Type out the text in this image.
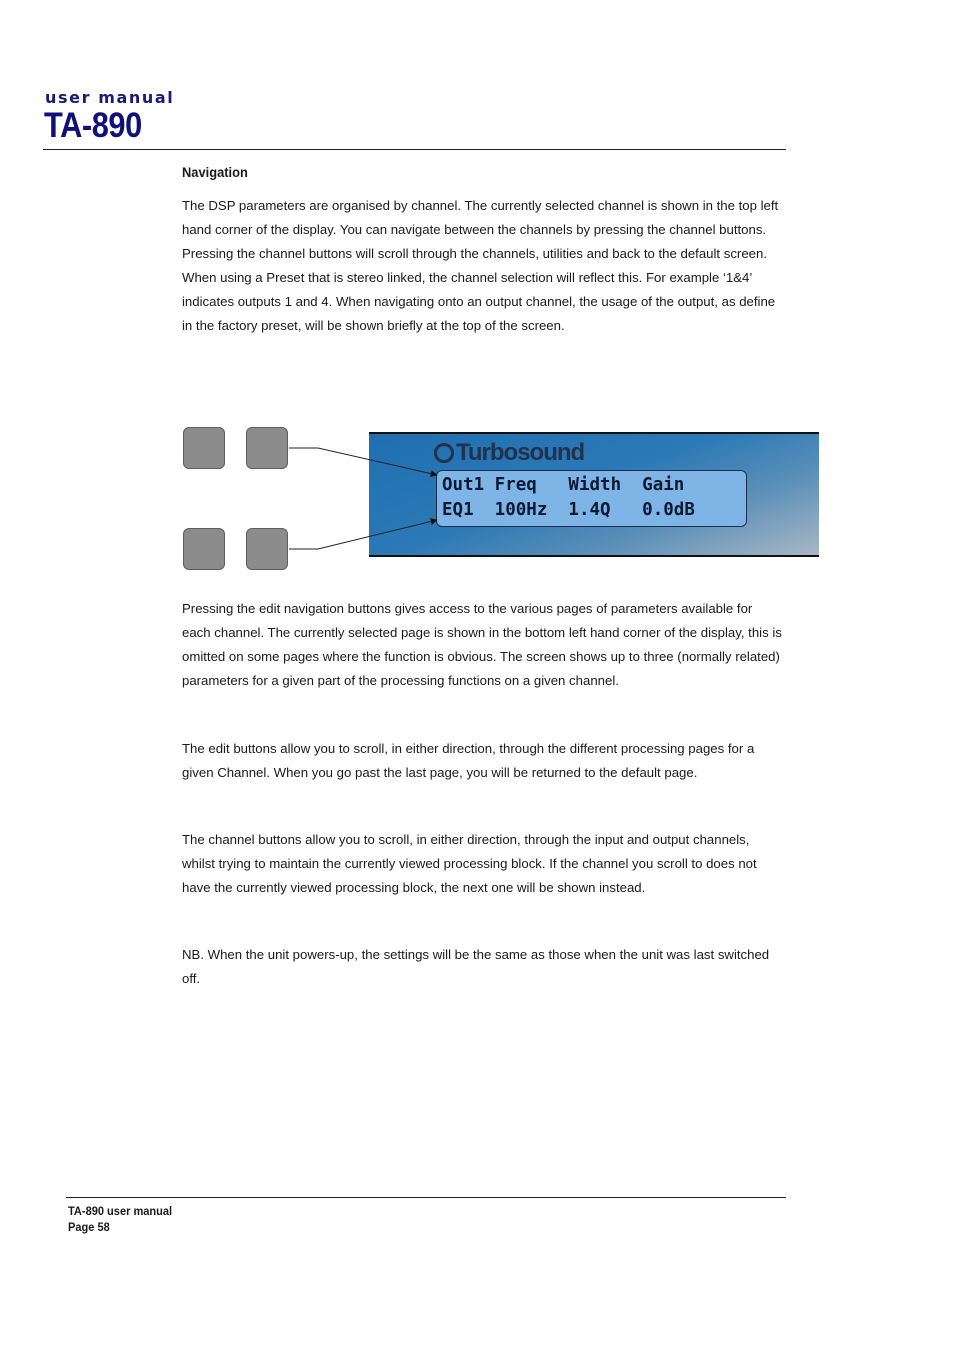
user manual
TA-890
Navigation

The DSP parameters are organised by channel. The currently selected channel is shown in the top left hand corner of the display. You can navigate between the channels by pressing the channel buttons. Pressing the channel buttons will scroll through the channels, utilities and back to the default screen. When using a Preset that is stereo linked, the channel selection will reflect this. For example ‘1&4’ indicates outputs 1 and 4. When navigating onto an output channel, the usage of the output, as define in the factory preset, will be shown briefly at the top of the screen.

Turbosound
Out1 Freq   Width  Gain
EQ1  100Hz  1.4Q   0.0dB

Pressing the edit navigation buttons gives access to the various pages of parameters available for each channel. The currently selected page is shown in the bottom left hand corner of the display, this is omitted on some pages where the function is obvious. The screen shows up to three (normally related) parameters for a given part of the processing functions on a given channel.

The edit buttons allow you to scroll, in either direction, through the different processing pages for a given Channel. When you go past the last page, you will be returned to the default page.

The channel buttons allow you to scroll, in either direction, through the input and output channels, whilst trying to maintain the currently viewed processing block. If the channel you scroll to does not have the currently viewed processing block, the next one will be shown instead.

NB. When the unit powers-up, the settings will be the same as those when the unit was last switched off.

TA-890 user manual
Page 58
